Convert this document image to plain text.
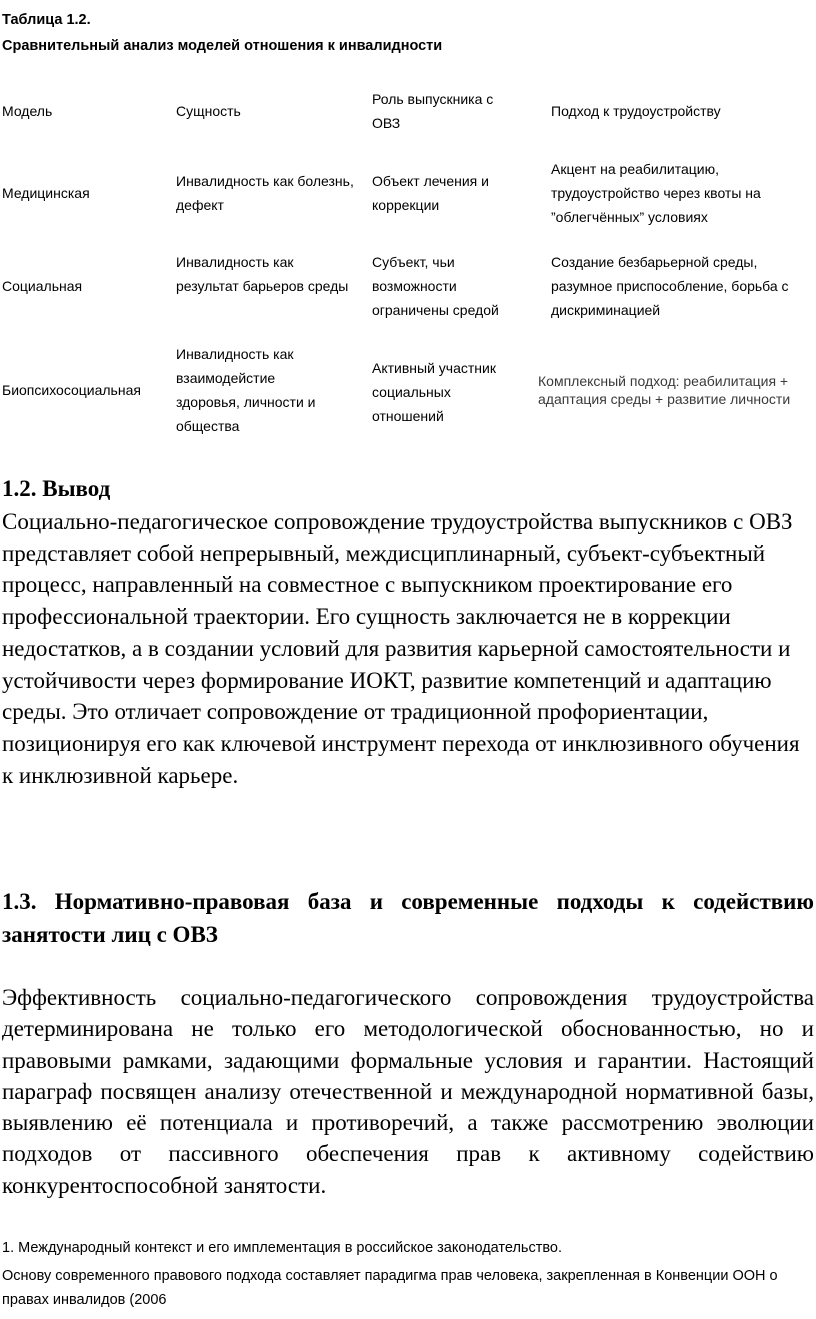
Таблица 1.2.
Сравнительный анализ моделей отношения к инвалидности
Модель	Сущность
Роль выпускника с ОВЗ
Подход к трудоустройству
Медицинская
Инвалидность как болезнь, дефект
Объект лечения и коррекции
Акцент на реабилитацию, трудоустройство через квоты на ”облегчённых” условиях
Социальная
Инвалидность как результат барьеров среды
Субъект, чьи возможности ограничены средой
Создание безбарьерной среды, разумное приспособление, борьба с дискриминацией
Биопсихосоциальная
Инвалидность как взаимодейстие здоровья, личности и общества
Активный участник социальных отношений
Комплексный подход: реабилитация + адаптация среды + развитие личности
1.2. Вывод
Социально-педагогическое сопровождение трудоустройства выпускников с ОВЗ представляет собой непрерывный, междисциплинарный, субъект-субъектный процесс, направленный на совместное с выпускником проектирование его профессиональной траектории. Его сущность заключается не в коррекции недостатков, а в создании условий для развития карьерной самостоятельности и устойчивости через формирование ИОКТ, развитие компетенций и адаптацию среды. Это отличает сопровождение от традиционной профориентации, позиционируя его как ключевой инструмент перехода от инклюзивного обучения к инклюзивной карьере.
1.3. Нормативно-правовая база и современные подходы к содействию занятости лиц с ОВЗ
Эффективность социально-педагогического сопровождения трудоустройства детерминирована не только его методологической обоснованностью, но и правовыми рамками, задающими формальные условия и гарантии. Настоящий параграф посвящен анализу отечественной и международной нормативной базы, выявлению её потенциала и противоречий, а также рассмотрению эволюции подходов от пассивного обеспечения прав к активному содействию конкурентоспособной занятости.
1. Международный контекст и его имплементация в российское законодательство.
Основу современного правового подхода составляет парадигма прав человека, закрепленная в Конвенции ООН о правах инвалидов (2006
